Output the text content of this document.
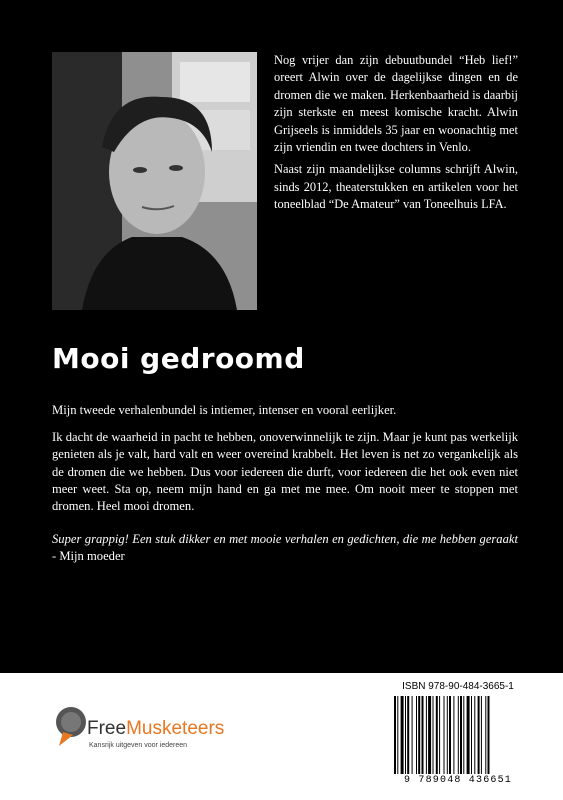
Nog vrijer dan zijn debuutbundel “Heb lief!” oreert Alwin over de dagelijkse dingen en de dromen die we maken. Herkenbaarheid is daarbij zijn sterkste en meest komische kracht. Alwin Grijseels is inmiddels 35 jaar en woonachtig met zijn vriendin en twee dochters in Venlo.

Naast zijn maandelijkse columns schrijft Alwin, sinds 2012, theaterstukken en artikelen voor het toneelblad “De Amateur” van Toneelhuis LFA.

Mooi gedroomd

Mijn tweede verhalenbundel is intiemer, intenser en vooral eerlijker.

Ik dacht de waarheid in pacht te hebben, onoverwinnelijk te zijn. Maar je kunt pas werkelijk genieten als je valt, hard valt en weer overeind krabbelt. Het leven is net zo vergankelijk als de dromen die we hebben. Dus voor iedereen die durft, voor iedereen die het ook even niet meer weet. Sta op, neem mijn hand en ga met me mee. Om nooit meer te stoppen met dromen. Heel mooi dromen.

Super grappig! Een stuk dikker en met mooie verhalen en gedichten, die me hebben geraakt - Mijn moeder

FreeMusketeers
Kansrijk uitgeven voor iedereen
ISBN 978-90-484-3665-1
9 789048 436651
